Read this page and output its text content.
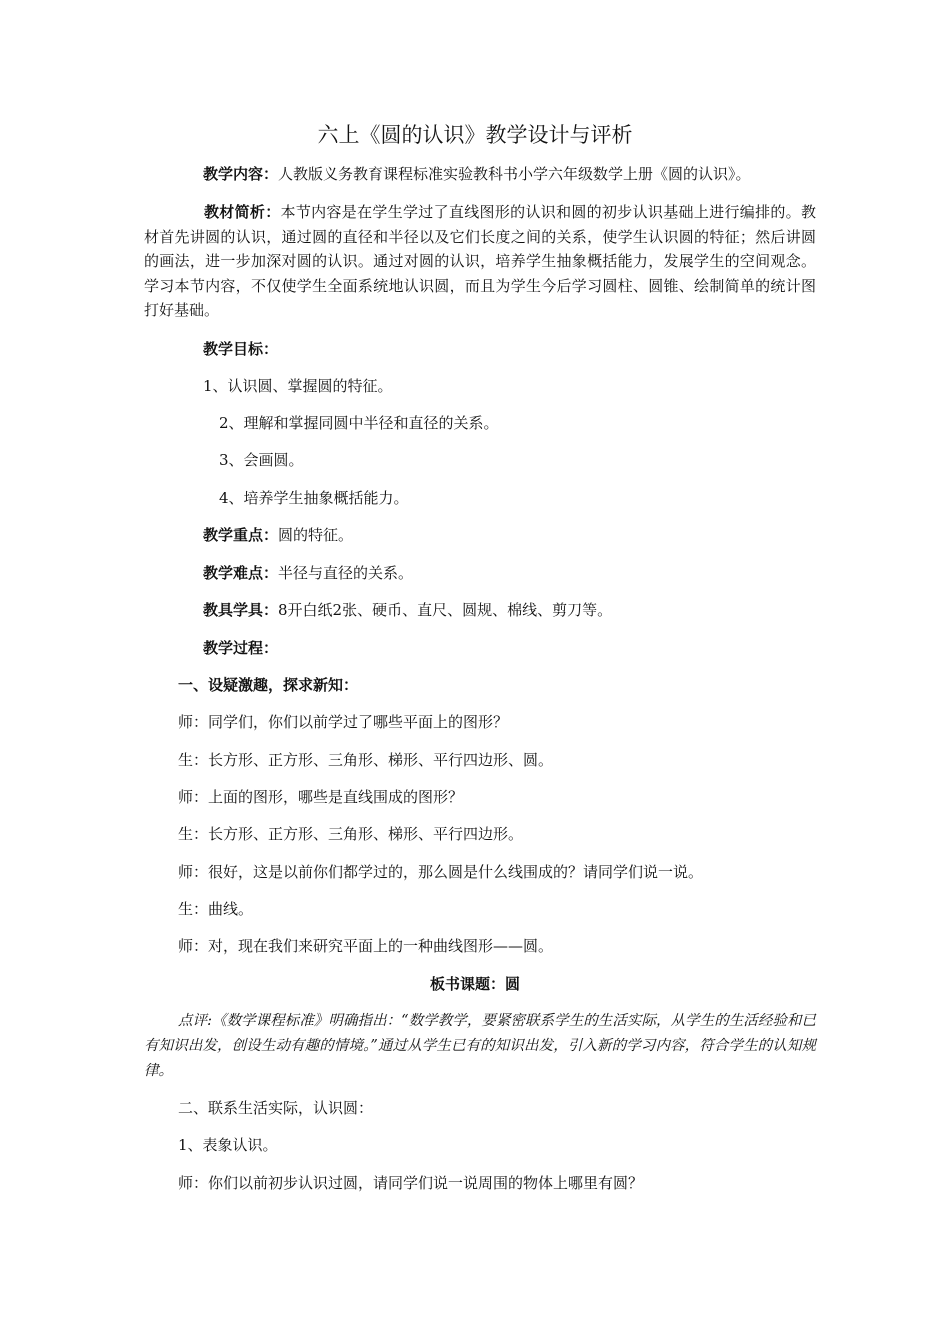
六上《圆的认识》教学设计与评析
教学内容：人教版义务教育课程标准实验教科书小学六年级数学上册《圆的认识》。
教材简析：本节内容是在学生学过了直线图形的认识和圆的初步认识基础上进行编排的。教材首先讲圆的认识，通过圆的直径和半径以及它们长度之间的关系，使学生认识圆的特征；然后讲圆的画法，进一步加深对圆的认识。通过对圆的认识，培养学生抽象概括能力，发展学生的空间观念。学习本节内容，不仅使学生全面系统地认识圆，而且为学生今后学习圆柱、圆锥、绘制简单的统计图打好基础。
教学目标：
1、认识圆、掌握圆的特征。
2、理解和掌握同圆中半径和直径的关系。
3、会画圆。
4、培养学生抽象概括能力。
教学重点：圆的特征。
教学难点：半径与直径的关系。
教具学具：8开白纸2张、硬币、直尺、圆规、棉线、剪刀等。
教学过程：
一、设疑激趣，探求新知：
师：同学们，你们以前学过了哪些平面上的图形？
生：长方形、正方形、三角形、梯形、平行四边形、圆。
师：上面的图形，哪些是直线围成的图形？
生：长方形、正方形、三角形、梯形、平行四边形。
师：很好，这是以前你们都学过的，那么圆是什么线围成的？请同学们说一说。
生：曲线。
师：对，现在我们来研究平面上的一种曲线图形——圆。
板书课题：圆
点评:《数学课程标准》明确指出：“数学教学，要紧密联系学生的生活实际，从学生的生活经验和已有知识出发，创设生动有趣的情境。”通过从学生已有的知识出发，引入新的学习内容，符合学生的认知规律。
二、联系生活实际，认识圆：
1、表象认识。
师：你们以前初步认识过圆，请同学们说一说周围的物体上哪里有圆？
